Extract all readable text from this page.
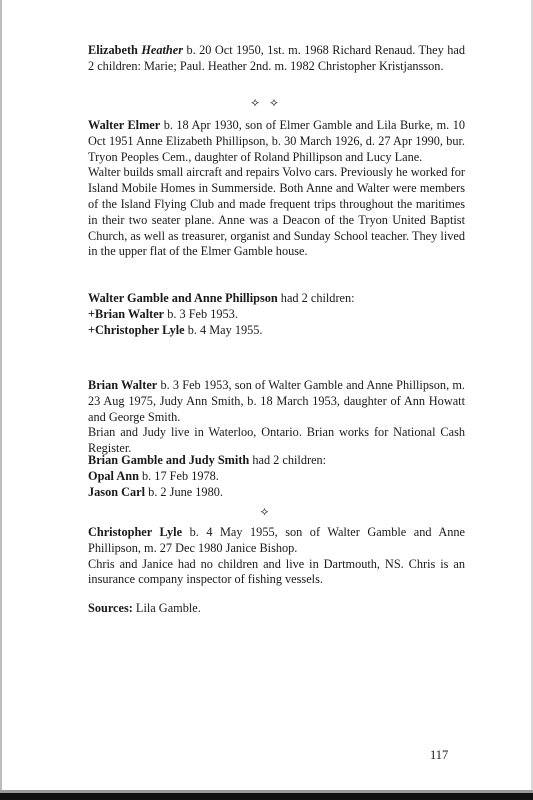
Elizabeth Heather b. 20 Oct 1950, 1st. m. 1968 Richard Renaud. They had 2 children: Marie; Paul. Heather 2nd. m. 1982 Christopher Kristjansson.

⟡ ⟡

Walter Elmer b. 18 Apr 1930, son of Elmer Gamble and Lila Burke, m. 10 Oct 1951 Anne Elizabeth Phillipson, b. 30 March 1926, d. 27 Apr 1990, bur. Tryon Peoples Cem., daughter of Roland Phillipson and Lucy Lane.

Walter builds small aircraft and repairs Volvo cars. Previously he worked for Island Mobile Homes in Summerside. Both Anne and Walter were members of the Island Flying Club and made frequent trips throughout the maritimes in their two seater plane. Anne was a Deacon of the Tryon United Baptist Church, as well as treasurer, organist and Sunday School teacher. They lived in the upper flat of the Elmer Gamble house.

Walter Gamble and Anne Phillipson had 2 children:

+Brian Walter b. 3 Feb 1953.

+Christopher Lyle b. 4 May 1955.

Brian Walter b. 3 Feb 1953, son of Walter Gamble and Anne Phillipson, m. 23 Aug 1975, Judy Ann Smith, b. 18 March 1953, daughter of Ann Howatt and George Smith.

Brian and Judy live in Waterloo, Ontario. Brian works for National Cash Register.

Brian Gamble and Judy Smith had 2 children:

Opal Ann b. 17 Feb 1978.

Jason Carl b. 2 June 1980.

⟡

Christopher Lyle b. 4 May 1955, son of Walter Gamble and Anne Phillipson, m. 27 Dec 1980 Janice Bishop.

Chris and Janice had no children and live in Dartmouth, NS. Chris is an insurance company inspector of fishing vessels.

Sources: Lila Gamble.

117
